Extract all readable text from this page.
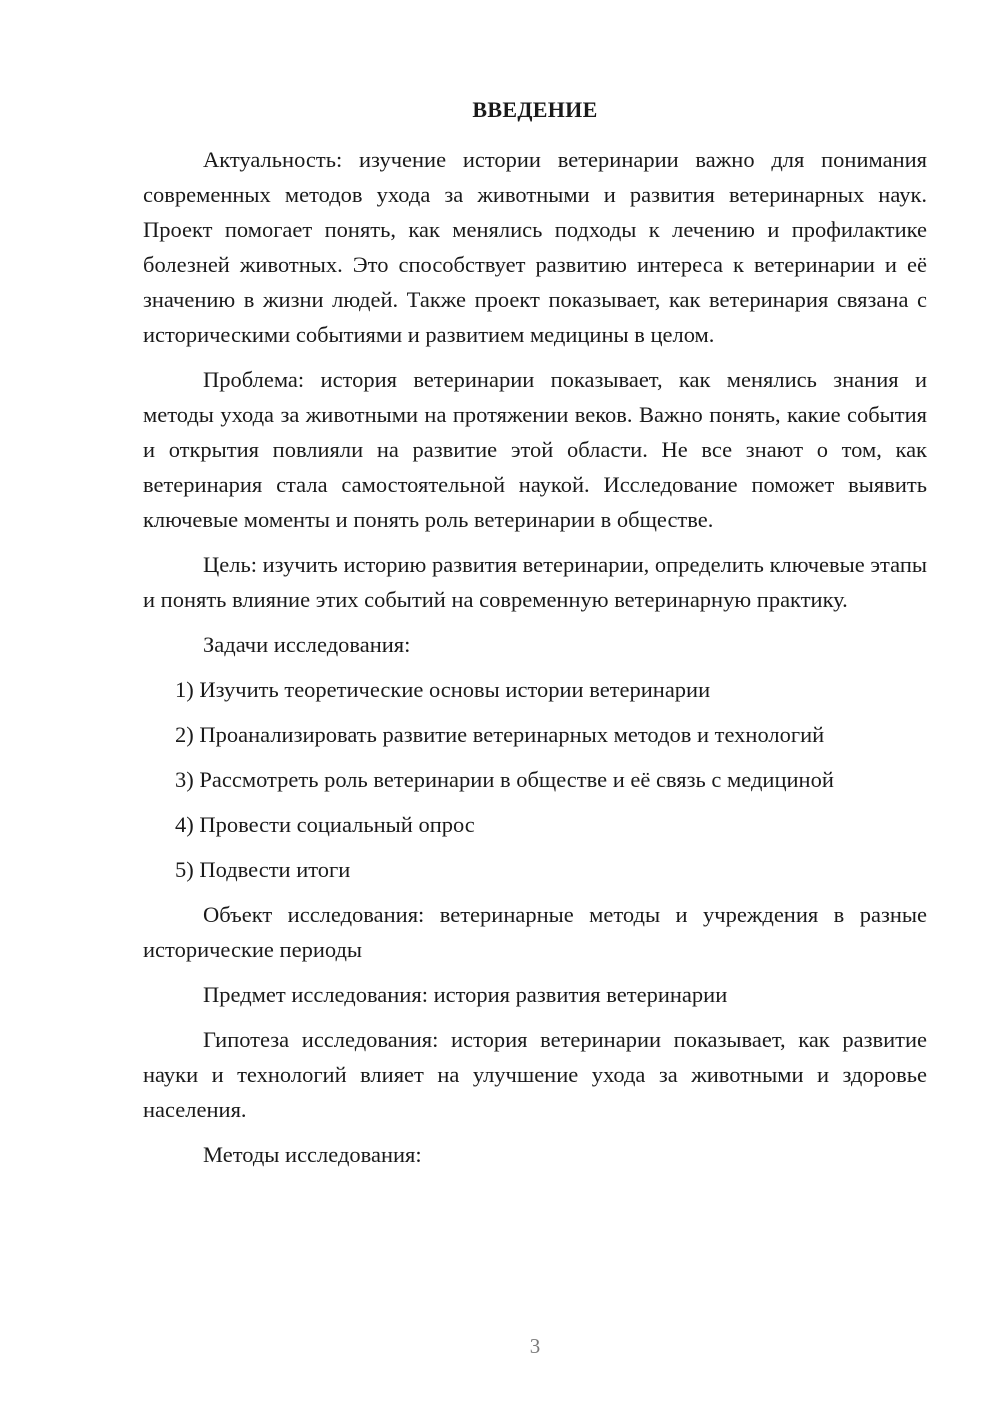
ВВЕДЕНИЕ

Актуальность: изучение истории ветеринарии важно для понимания современных методов ухода за животными и развития ветеринарных наук. Проект помогает понять, как менялись подходы к лечению и профилактике болезней животных. Это способствует развитию интереса к ветеринарии и её значению в жизни людей. Также проект показывает, как ветеринария связана с историческими событиями и развитием медицины в целом.

Проблема: история ветеринарии показывает, как менялись знания и методы ухода за животными на протяжении веков. Важно понять, какие события и открытия повлияли на развитие этой области. Не все знают о том, как ветеринария стала самостоятельной наукой. Исследование поможет выявить ключевые моменты и понять роль ветеринарии в обществе.

Цель: изучить историю развития ветеринарии, определить ключевые этапы и понять влияние этих событий на современную ветеринарную практику.

Задачи исследования:

1) Изучить теоретические основы истории ветеринарии

2) Проанализировать развитие ветеринарных методов и технологий

3) Рассмотреть роль ветеринарии в обществе и её связь с медициной

4) Провести социальный опрос

5) Подвести итоги

Объект исследования: ветеринарные методы и учреждения в разные исторические периоды

Предмет исследования: история развития ветеринарии

Гипотеза исследования: история ветеринарии показывает, как развитие науки и технологий влияет на улучшение ухода за животными и здоровье населения.

Методы исследования:

3
